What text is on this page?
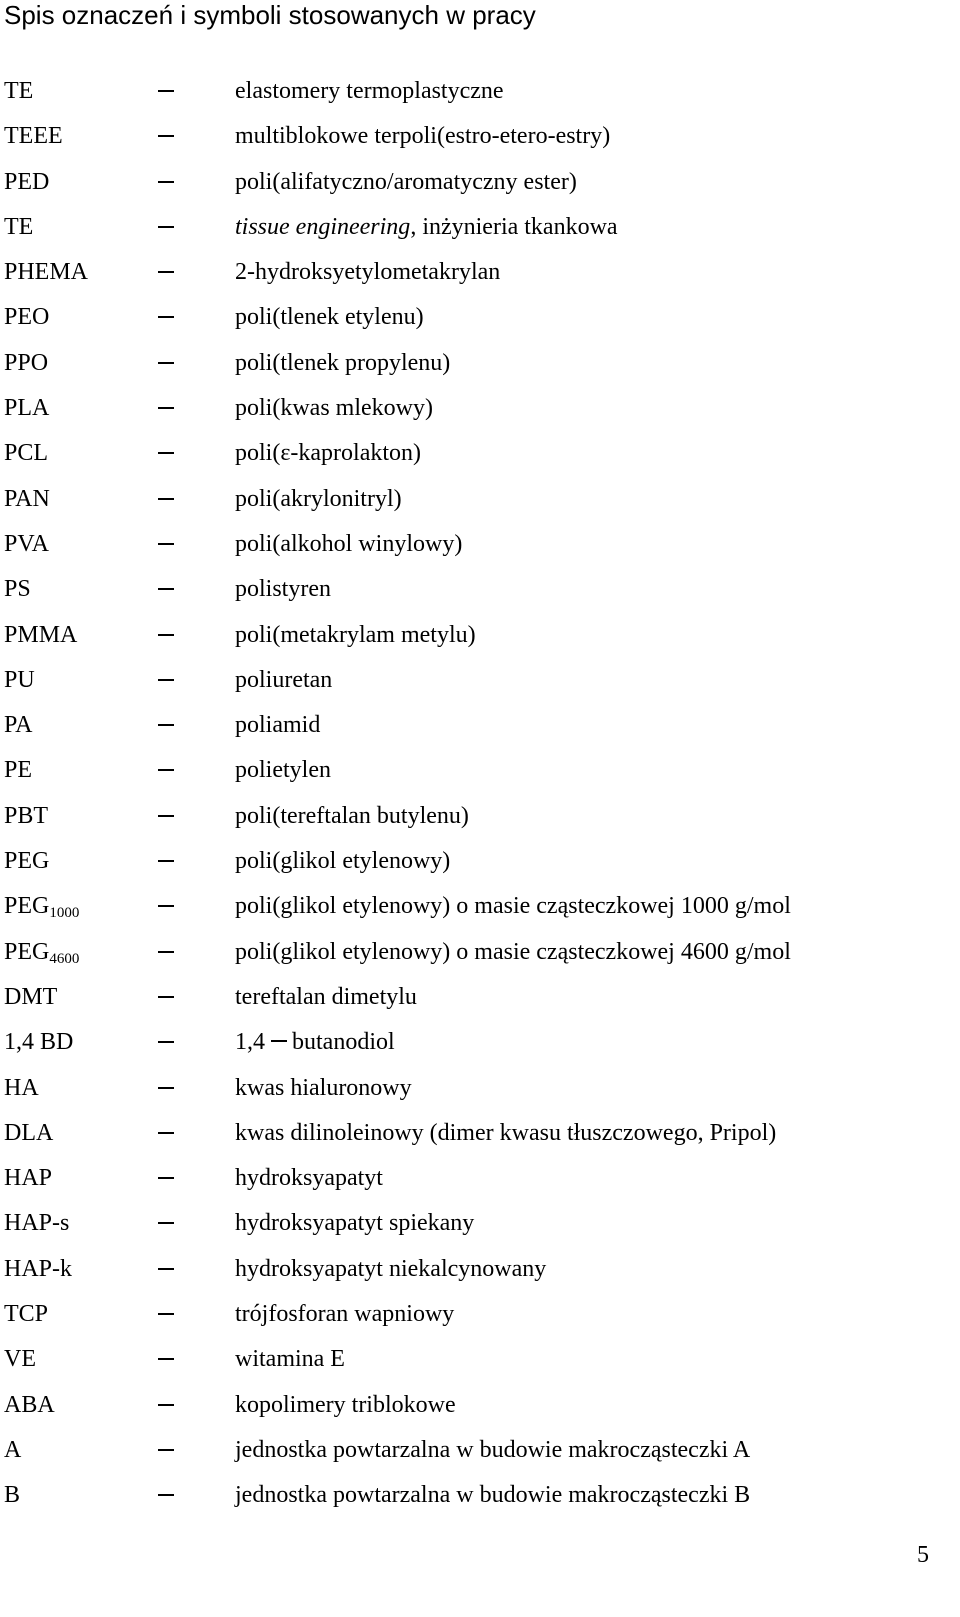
Spis oznaczeń i symboli stosowanych w pracy
TE	elastomery termoplastyczne
TEEE	multiblokowe terpoli(estro-etero-estry)
PED	poli(alifatyczno/aromatyczny ester)
TE	tissue engineering, inżynieria tkankowa
PHEMA	2-hydroksyetylometakrylan
PEO	poli(tlenek etylenu)
PPO	poli(tlenek propylenu)
PLA	poli(kwas mlekowy)
PCL	poli(ε-kaprolakton)
PAN	poli(akrylonitryl)
PVA	poli(alkohol winylowy)
PS	polistyren
PMMA	poli(metakrylam metylu)
PU	poliuretan
PA	poliamid
PE	polietylen
PBT	poli(tereftalan butylenu)
PEG	poli(glikol etylenowy)
$PEG_{1000}$	poli(glikol etylenowy) o masie cząsteczkowej 1000 g/mol
$PEG_{4600}$	poli(glikol etylenowy) o masie cząsteczkowej 4600 g/mol
DMT	tereftalan dimetylu
1,4 BD	1,4 butanodiol
HA	kwas hialuronowy
DLA	kwas dilinoleinowy (dimer kwasu tłuszczowego, Pripol)
HAP	hydroksyapatyt
HAP-s	hydroksyapatyt spiekany
HAP-k	hydroksyapatyt niekalcynowany
TCP	trójfosforan wapniowy
VE	witamina E
ABA	kopolimery triblokowe
A	jednostka powtarzalna w budowie makrocząsteczki A
B	jednostka powtarzalna w budowie makrocząsteczki B
5
